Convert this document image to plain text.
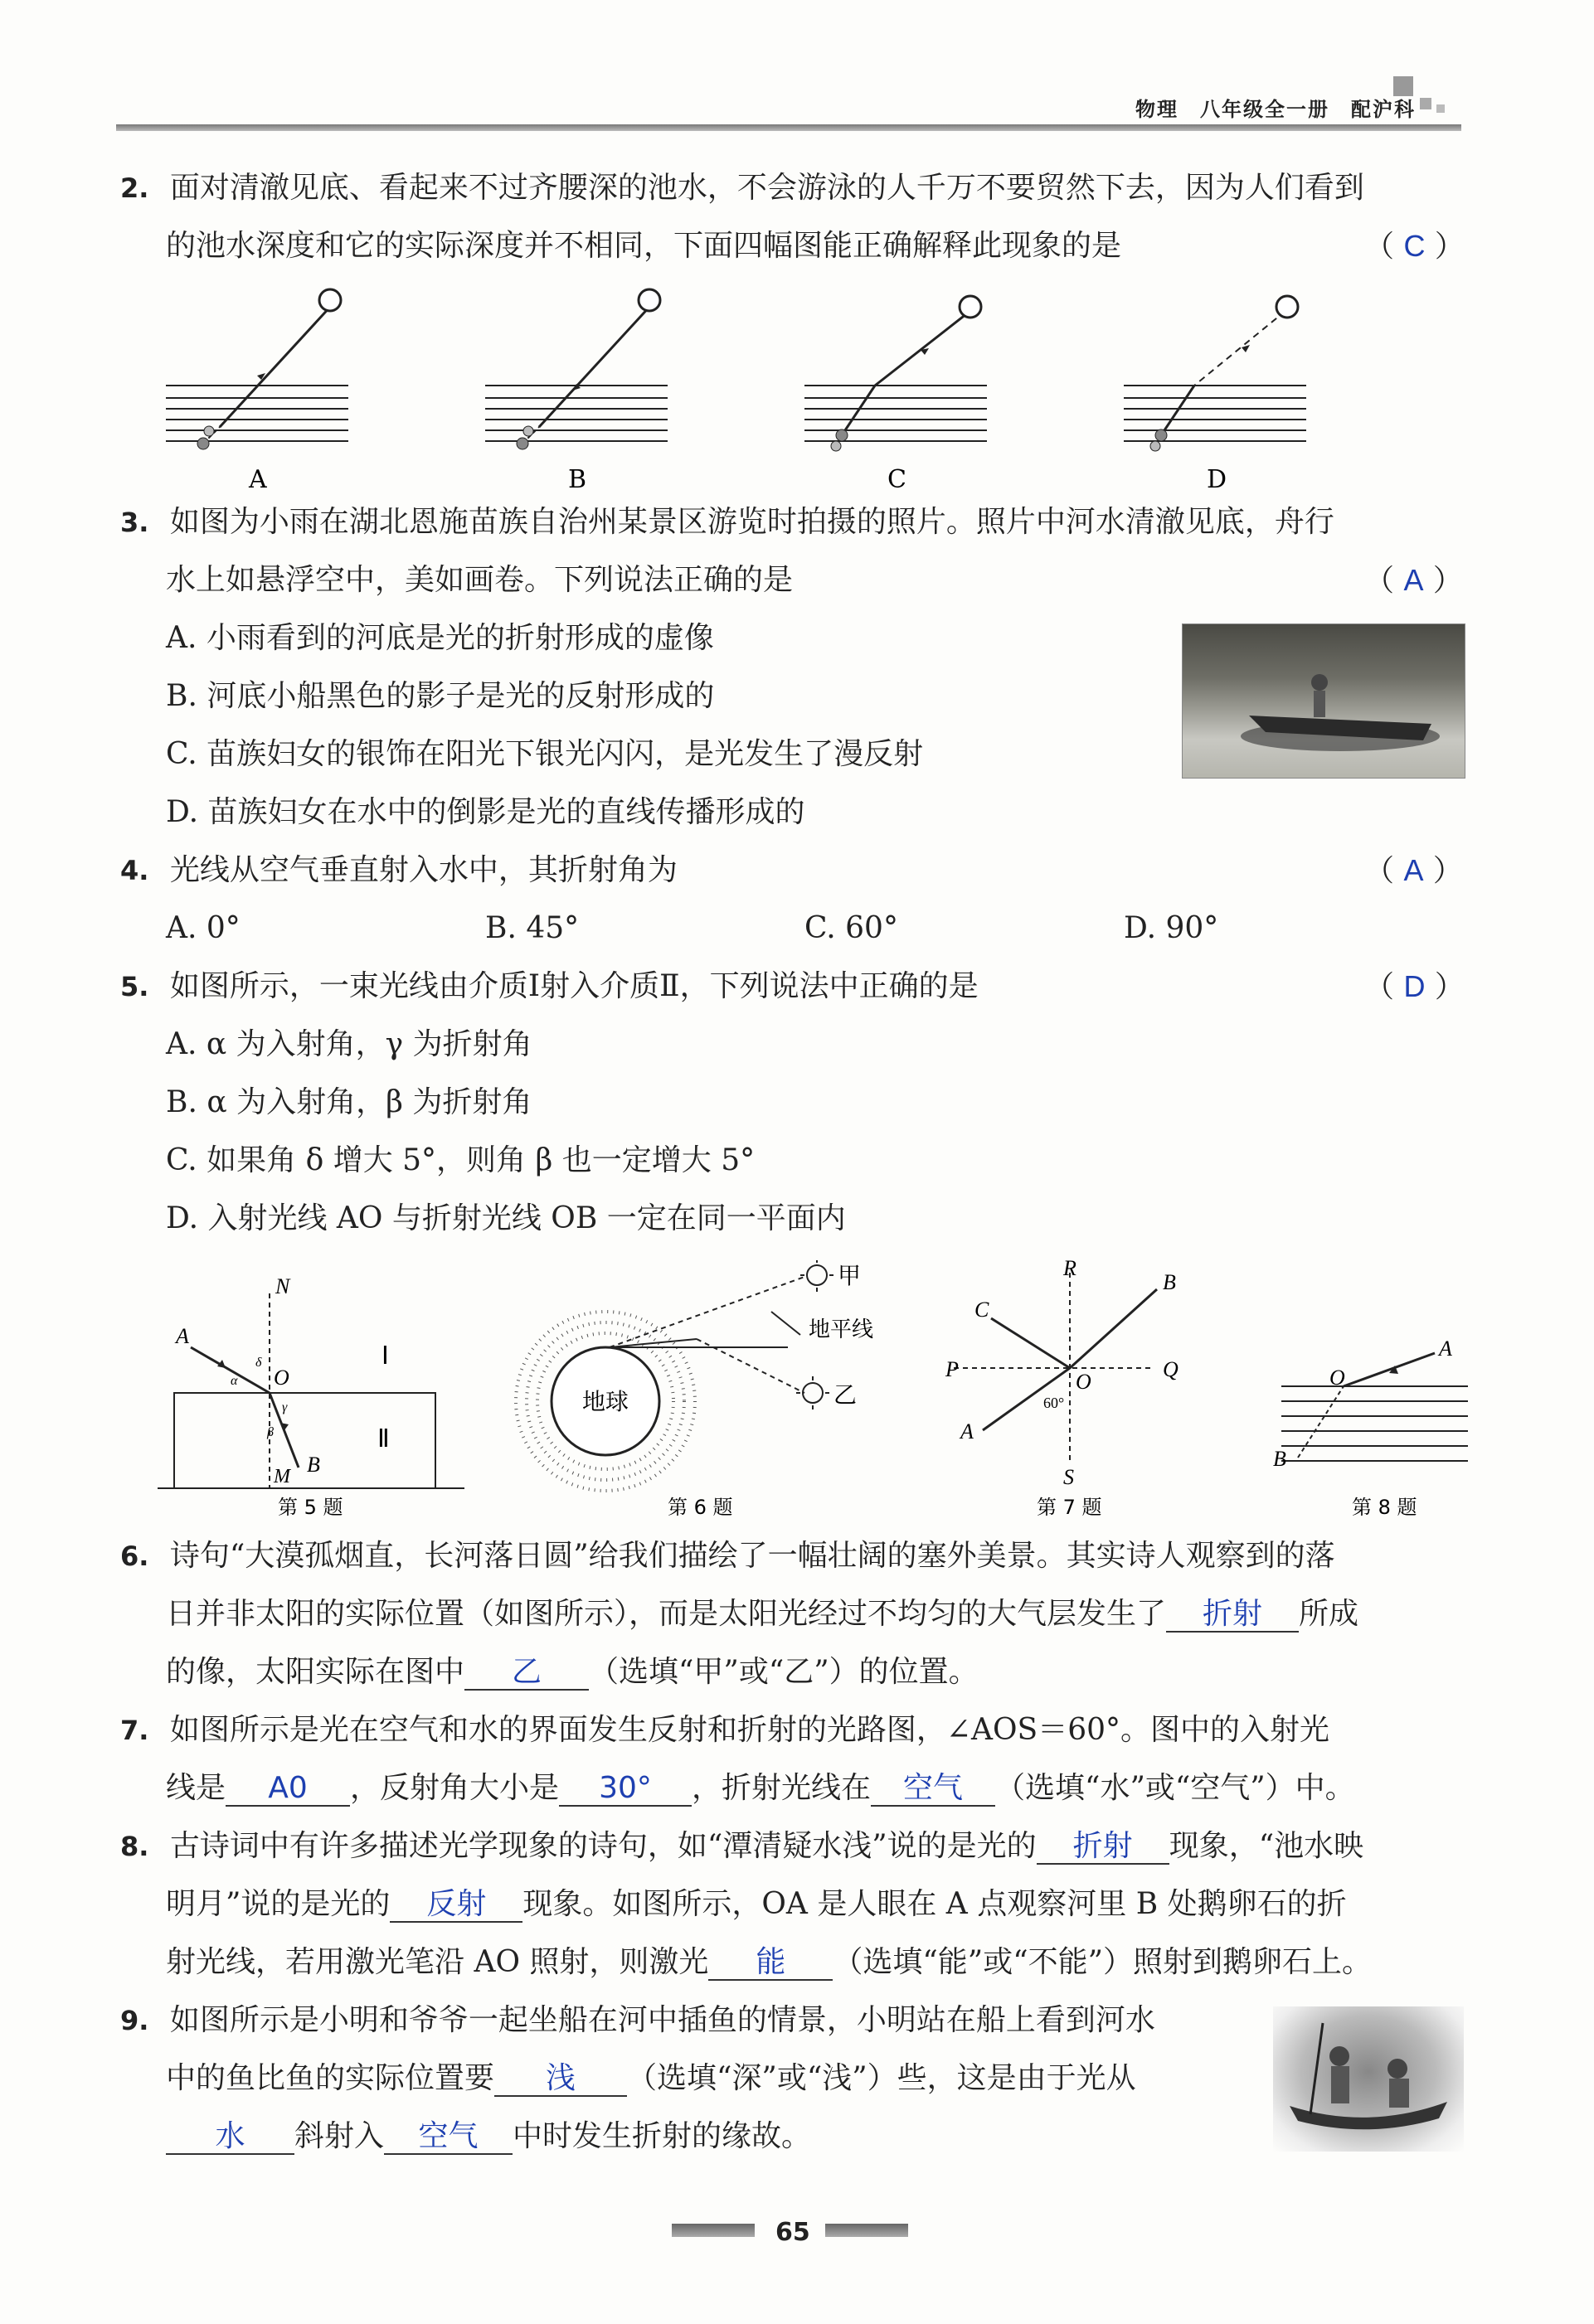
物理　八年级全一册　配沪科
2. 面对清澈见底、看起来不过齐腰深的池水，不会游泳的人千万不要贸然下去，因为人们看到
的池水深度和它的实际深度并不相同，下面四幅图能正确解释此现象的是	（ C ）
A	B	C	D
3. 如图为小雨在湖北恩施苗族自治州某景区游览时拍摄的照片。照片中河水清澈见底，舟行
水上如悬浮空中，美如画卷。下列说法正确的是	（ A ）
A. 小雨看到的河底是光的折射形成的虚像
B. 河底小船黑色的影子是光的反射形成的
C. 苗族妇女的银饰在阳光下银光闪闪，是光发生了漫反射
D. 苗族妇女在水中的倒影是光的直线传播形成的
4. 光线从空气垂直射入水中，其折射角为	（ A ）
A. 0°	B. 45°	C. 60°	D. 90°
5. 如图所示，一束光线由介质Ⅰ射入介质Ⅱ，下列说法中正确的是	（ D ）
A. α 为入射角，γ 为折射角
B. α 为入射角，β 为折射角
C. 如果角 δ 增大 5°，则角 β 也一定增大 5°
D. 入射光线 AO 与折射光线 OB 一定在同一平面内
N
A
O
Ⅰ
Ⅱ
M B
α
δ
γ
β
第 5 题
地球
甲
乙
地平线
第 6 题
R
B
C
P	Q
O
A
S
60°
第 7 题
O
A
B
第 8 题
6. 诗句“大漠孤烟直，长河落日圆”给我们描绘了一幅壮阔的塞外美景。其实诗人观察到的落
日并非太阳的实际位置（如图所示），而是太阳光经过不均匀的大气层发生了 折射 所成
的像，太阳实际在图中 乙 （选填“甲”或“乙”）的位置。
7. 如图所示是光在空气和水的界面发生反射和折射的光路图，∠AOS＝60°。图中的入射光
线是 A0 ，反射角大小是 30° ，折射光线在 空气 （选填“水”或“空气”）中。
8. 古诗词中有许多描述光学现象的诗句，如“潭清疑水浅”说的是光的 折射 现象，“池水映
明月”说的是光的 反射 现象。如图所示，OA 是人眼在 A 点观察河里 B 处鹅卵石的折
射光线，若用激光笔沿 AO 照射，则激光 能 （选填“能”或“不能”）照射到鹅卵石上。
9. 如图所示是小明和爷爷一起坐船在河中插鱼的情景，小明站在船上看到河水
中的鱼比鱼的实际位置要 浅 （选填“深”或“浅”）些，这是由于光从
水 斜射入 空气 中时发生折射的缘故。
65
